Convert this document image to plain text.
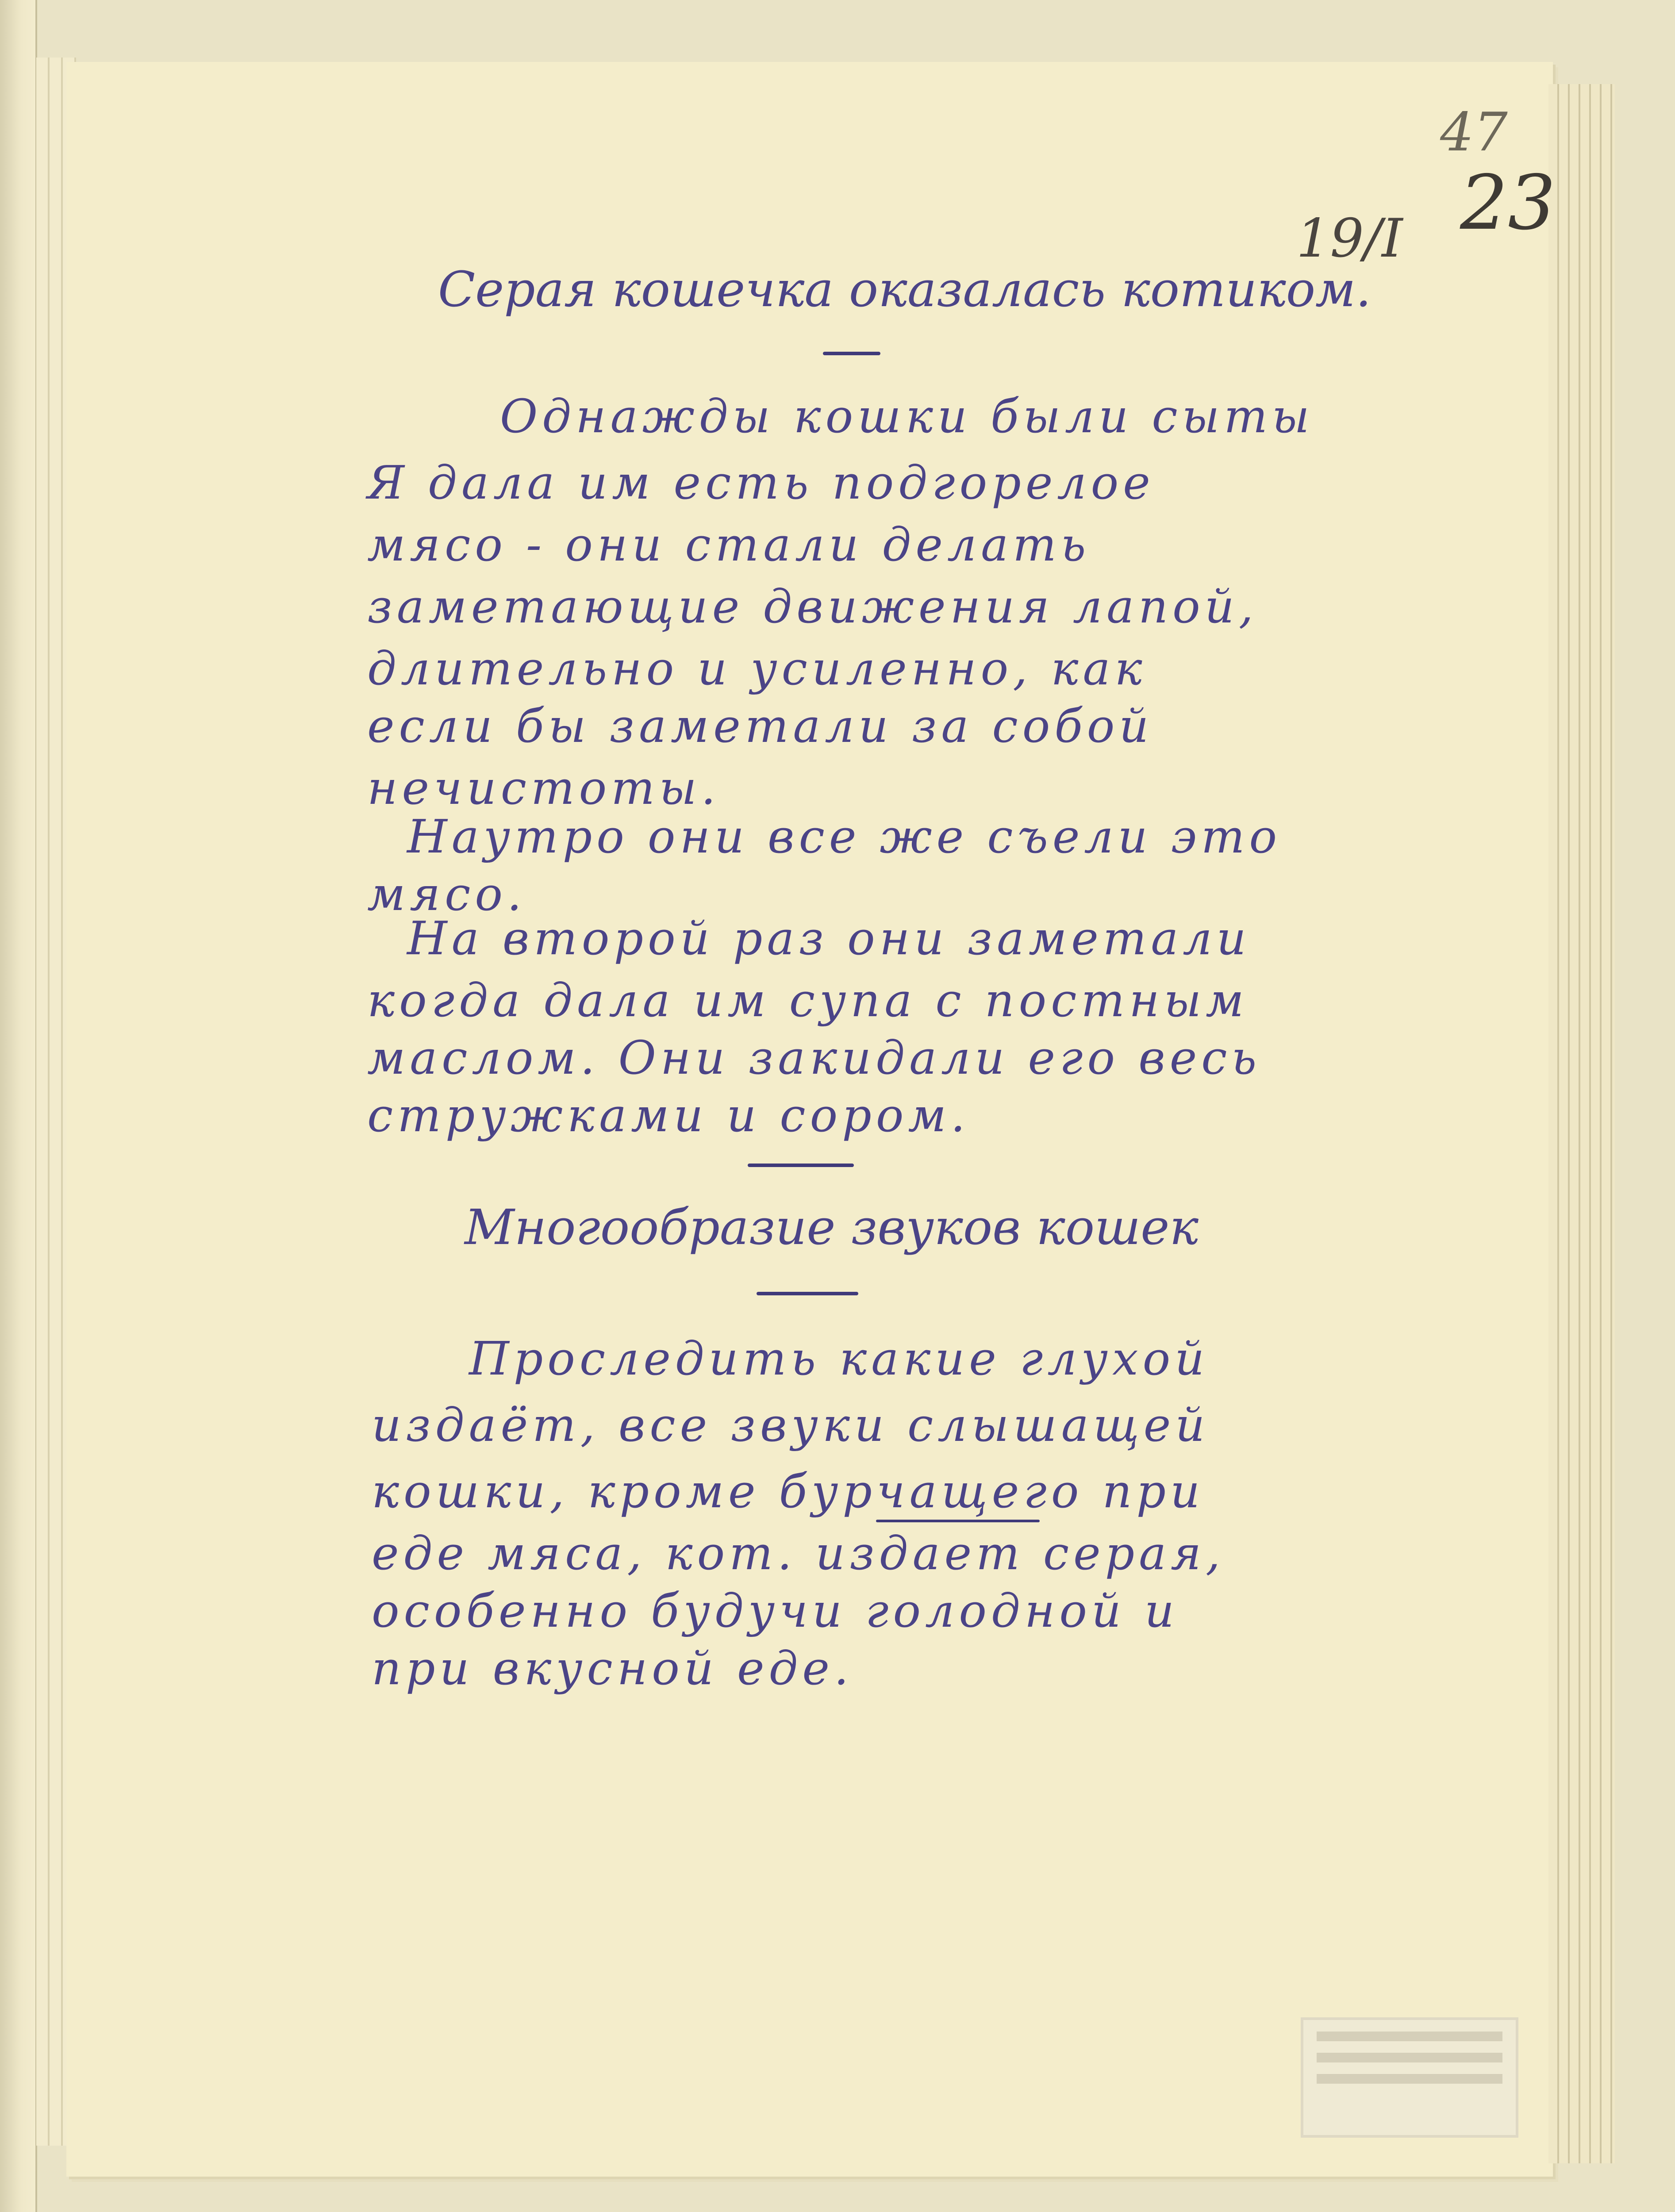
47
23
19/I
Серая кошечка оказалась котиком.
Однажды кошки были сыты
Я дала им есть подгорелое
мясо - они стали делать
заметающие движения лапой,
длительно и усиленно, как
если бы заметали за собой
нечистоты.
Наутро они все же съели это
мясо.
На второй раз они заметали
когда дала им супа с постным
маслом. Они закидали его весь
стружками и сором.
Многообразие звуков кошек
Проследить какие глухой
издаёт, все звуки слышащей
кошки, кроме бурчащего при
еде мяса, кот. издает серая,
особенно будучи голодной и
при вкусной еде.
